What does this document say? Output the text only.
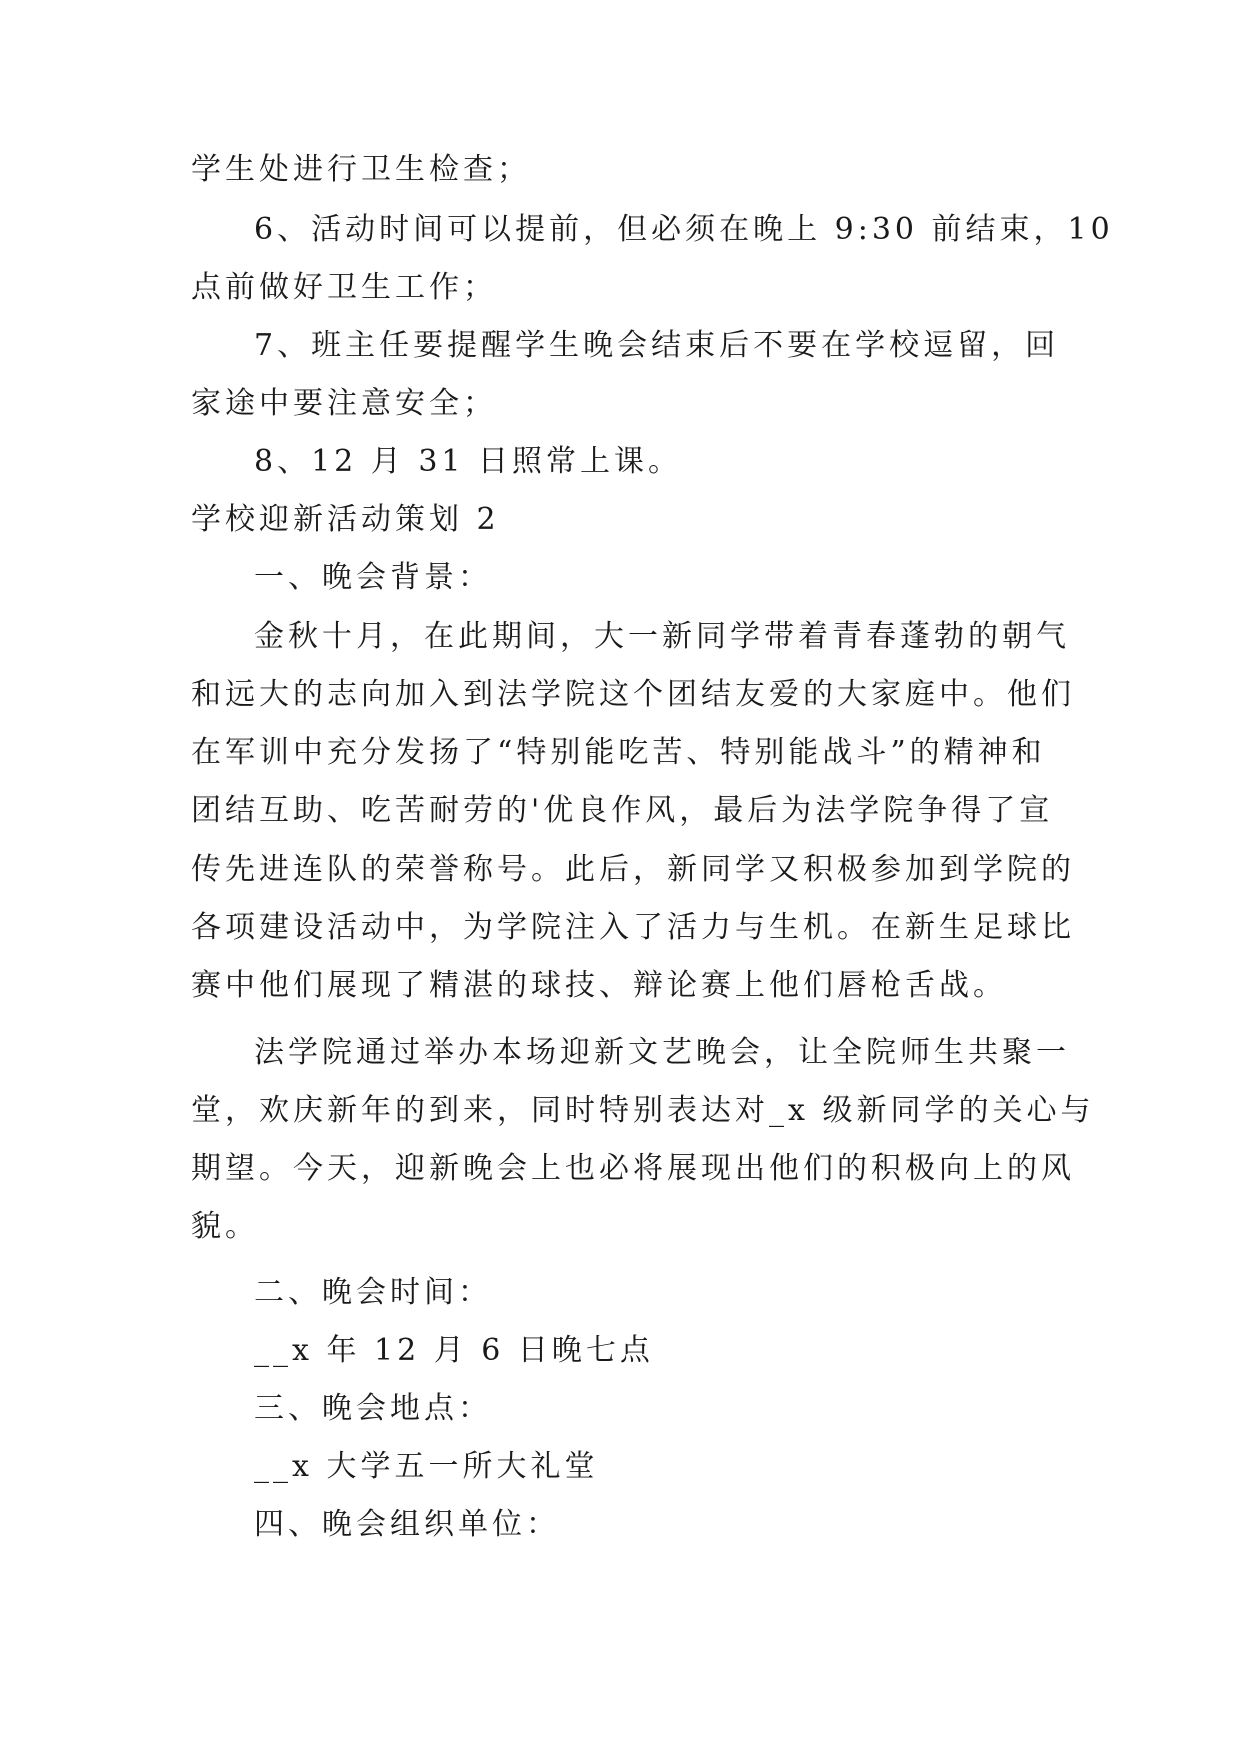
学生处进行卫生检查；

6、活动时间可以提前，但必须在晚上 9:30 前结束，10

点前做好卫生工作；

7、班主任要提醒学生晚会结束后不要在学校逗留，回

家途中要注意安全；

8、12 月 31 日照常上课。

学校迎新活动策划 2

一、晚会背景：

金秋十月，在此期间，大一新同学带着青春蓬勃的朝气

和远大的志向加入到法学院这个团结友爱的大家庭中。他们

在军训中充分发扬了“特别能吃苦、特别能战斗”的精神和

团结互助、吃苦耐劳的'优良作风，最后为法学院争得了宣

传先进连队的荣誉称号。此后，新同学又积极参加到学院的

各项建设活动中，为学院注入了活力与生机。在新生足球比

赛中他们展现了精湛的球技、辩论赛上他们唇枪舌战。

法学院通过举办本场迎新文艺晚会，让全院师生共聚一

堂，欢庆新年的到来，同时特别表达对_x 级新同学的关心与

期望。今天，迎新晚会上也必将展现出他们的积极向上的风

貌。

二、晚会时间：

__x 年 12 月 6 日晚七点

三、晚会地点：

__x 大学五一所大礼堂

四、晚会组织单位：
